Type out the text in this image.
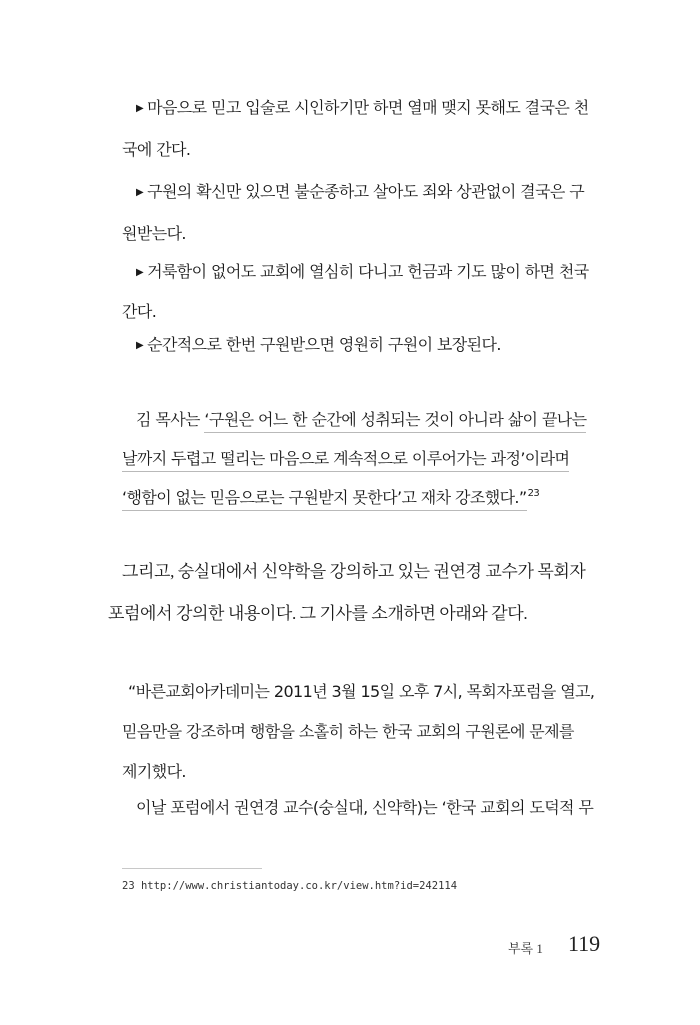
▶ 마음으로 믿고 입술로 시인하기만 하면 열매 맺지 못해도 결국은 천
국에 간다.
▶ 구원의 확신만 있으면 불순종하고 살아도 죄와 상관없이 결국은 구
원받는다.
▶ 거룩함이 없어도 교회에 열심히 다니고 헌금과 기도 많이 하면 천국
간다.
▶ 순간적으로 한번 구원받으면 영원히 구원이 보장된다.
김 목사는 ‘구원은 어느 한 순간에 성취되는 것이 아니라 삶이 끝나는
날까지 두렵고 떨리는 마음으로 계속적으로 이루어가는 과정’이라며
‘행함이 없는 믿음으로는 구원받지 못한다’고 재차 강조했다.”$^{23}$
그리고, 숭실대에서 신약학을 강의하고 있는 권연경 교수가 목회자
포럼에서 강의한 내용이다. 그 기사를 소개하면 아래와 같다.
“바른교회아카데미는 2011년 3월 15일 오후 7시, 목회자포럼을 열고,
믿음만을 강조하며 행함을 소홀히 하는 한국 교회의 구원론에 문제를
제기했다.
이날 포럼에서 권연경 교수(숭실대, 신약학)는 ‘한국 교회의 도덕적 무
23 http://www.christiantoday.co.kr/view.htm?id=242114
부록 1 119
